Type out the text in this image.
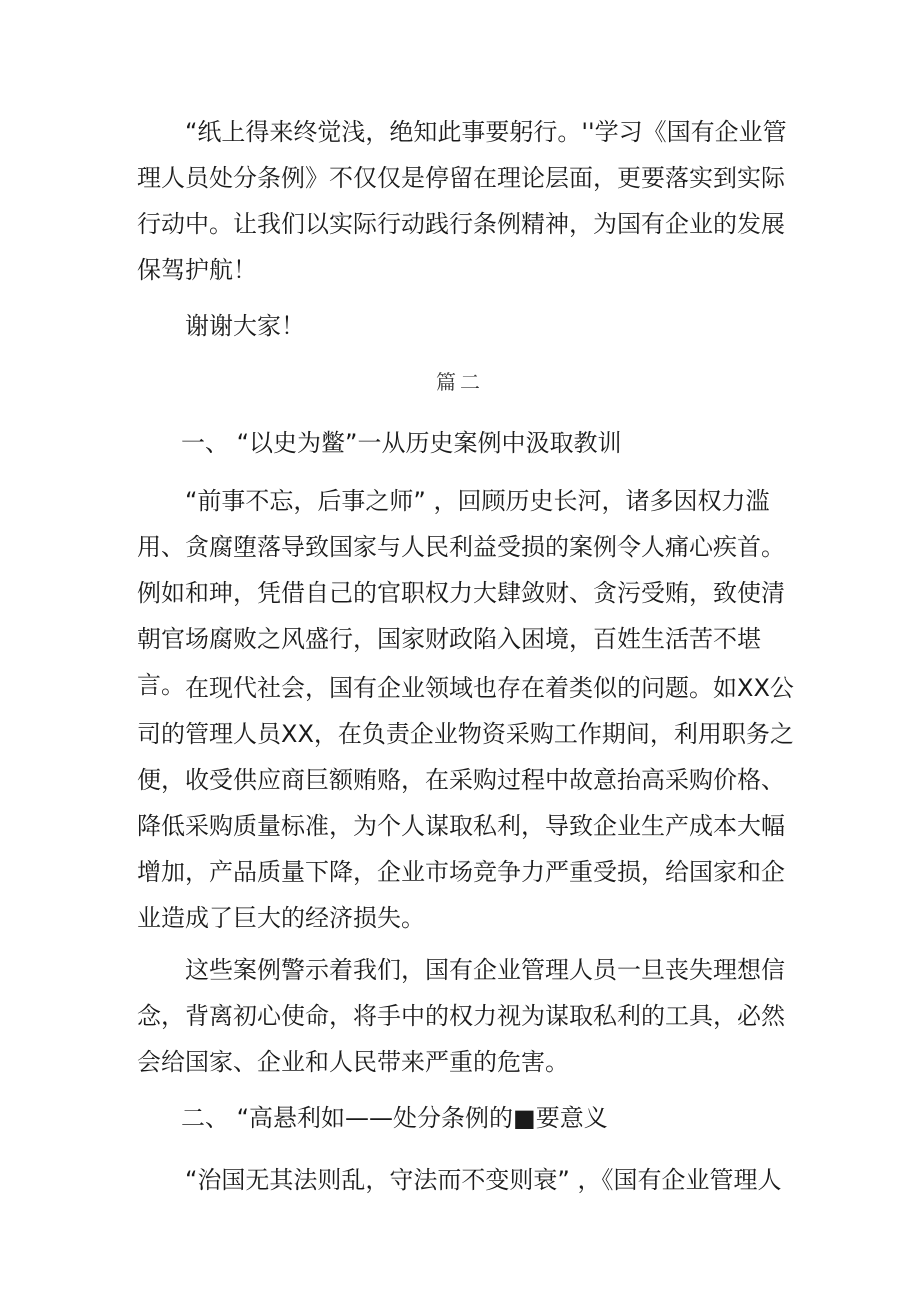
“纸上得来终觉浅，绝知此事要躬行。''学习《国有企业管理人员处分条例》不仅仅是停留在理论层面，更要落实到实际行动中。让我们以实际行动践行条例精神，为国有企业的发展保驾护航！

谢谢大家！

篇二

一、 “以史为鳖”一从历史案例中汲取教训

“前事不忘，后事之师” ，回顾历史长河，诸多因权力滥用、贪腐堕落导致国家与人民利益受损的案例令人痛心疾首。例如和珅，凭借自己的官职权力大肆敛财、贪污受贿，致使清朝官场腐败之风盛行，国家财政陷入困境，百姓生活苦不堪言。 在现代社会，国有企业领域也存在着类似的问题。如XX公司的管理人员XX，在负责企业物资采购工作期间，利用职务之便，收受供应商巨额贿赂，在采购过程中故意抬高采购价格、降低采购质量标准，为个人谋取私利，导致企业生产成本大幅增加，产品质量下降，企业市场竞争力严重受损，给国家和企业造成了巨大的经济损失。

这些案例警示着我们，国有企业管理人员一旦丧失理想信念，背离初心使命，将手中的权力视为谋取私利的工具，必然会给国家、企业和人民带来严重的危害。

二、 “高悬利如——处分条例的■要意义

“治国无其法则乱，守法而不变则衰” ，《国有企业管理人
